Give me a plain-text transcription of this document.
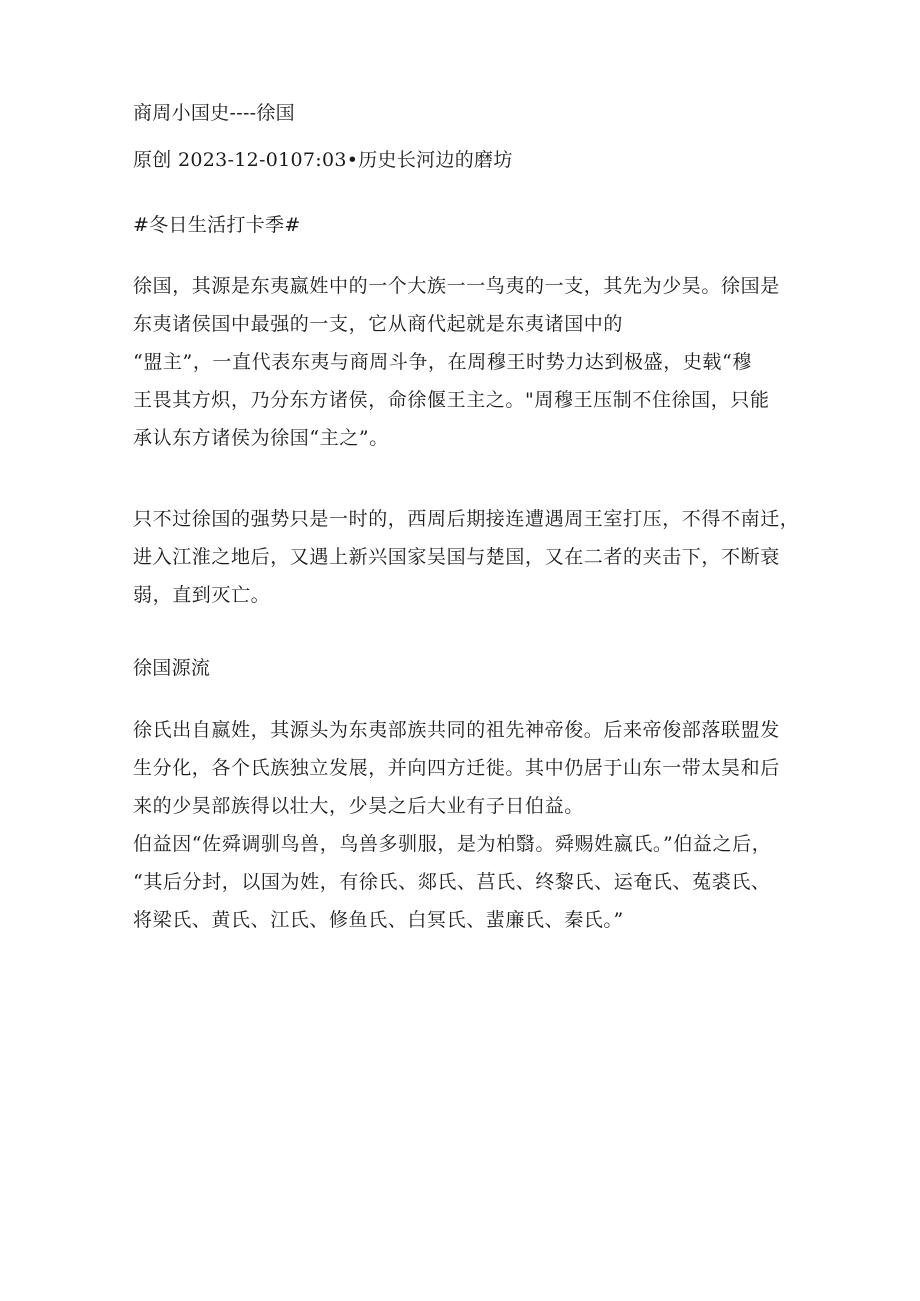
商周小国史----徐国
原创 2023-12-0107:03•历史长河边的磨坊
#冬日生活打卡季#
徐国，其源是东夷嬴姓中的一个大族一一鸟夷的一支，其先为少昊。徐国是
东夷诸侯国中最强的一支，它从商代起就是东夷诸国中的
“盟主”，一直代表东夷与商周斗争，在周穆王时势力达到极盛，史载“穆
王畏其方炽，乃分东方诸侯，命徐偃王主之。"周穆王压制不住徐国，只能
承认东方诸侯为徐国“主之”。
只不过徐国的强势只是一时的，西周后期接连遭遇周王室打压，不得不南迁，
进入江淮之地后，又遇上新兴国家吴国与楚国，又在二者的夹击下，不断衰
弱，直到灭亡。
徐国源流
徐氏出自嬴姓，其源头为东夷部族共同的祖先神帝俊。后来帝俊部落联盟发
生分化，各个氏族独立发展，并向四方迁徙。其中仍居于山东一带太昊和后
来的少昊部族得以壮大，少昊之后大业有子日伯益。
伯益因“佐舜调驯鸟兽，鸟兽多驯服，是为柏翳。舜赐姓嬴氏。”伯益之后，
“其后分封，以国为姓，有徐氏、郯氏、莒氏、终黎氏、运奄氏、菟裘氏、
将梁氏、黄氏、江氏、修鱼氏、白冥氏、蜚廉氏、秦氏。”
